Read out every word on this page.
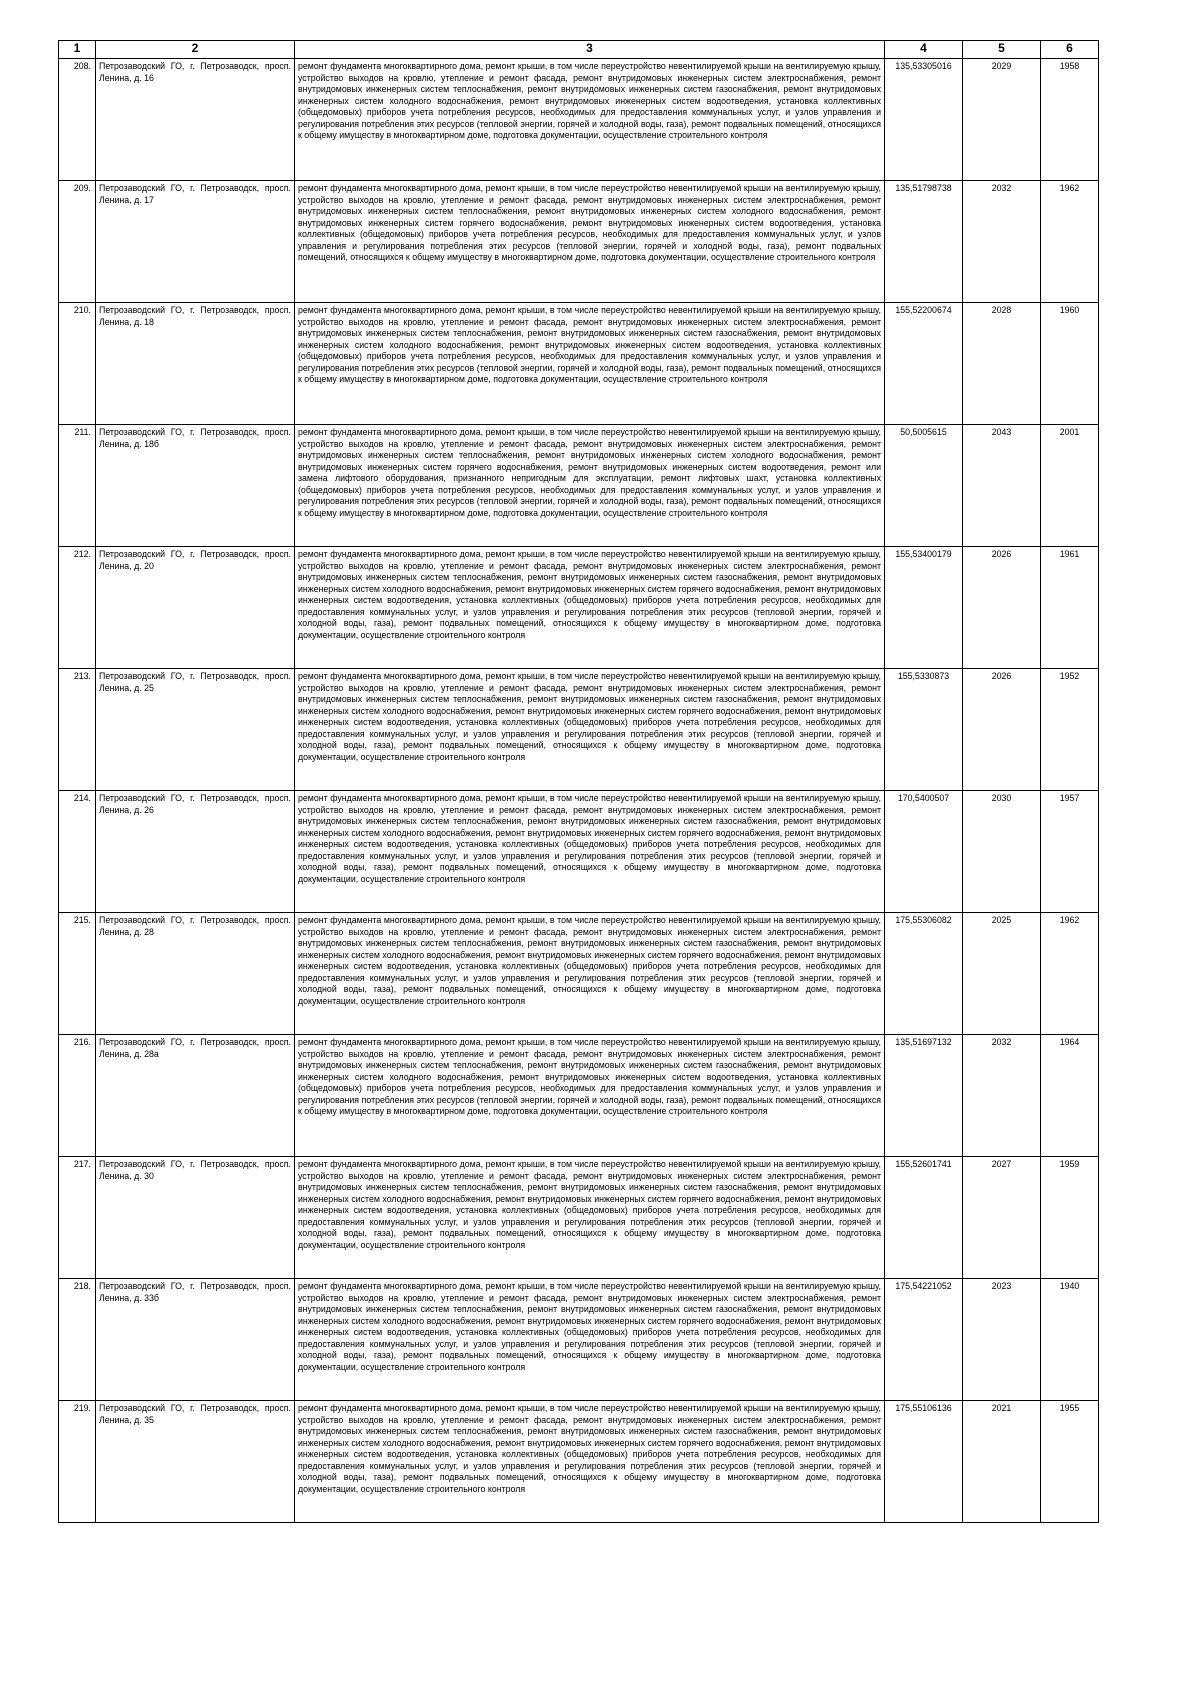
1	2	3	4	5	6
208.	Петрозаводский ГО, г. Петрозаводск, просп. Ленина, д. 16	ремонт фундамента многоквартирного дома, ремонт крыши, в том числе переустройство невентилируемой крыши на вентилируемую крышу, устройство выходов на кровлю, утепление и ремонт фасада, ремонт внутридомовых инженерных систем электроснабжения, ремонт внутридомовых инженерных систем теплоснабжения, ремонт внутридомовых инженерных систем газоснабжения, ремонт внутридомовых инженерных систем холодного водоснабжения, ремонт внутридомовых инженерных систем водоотведения, установка коллективных (общедомовых) приборов учета потребления ресурсов, необходимых для предоставления коммунальных услуг, и узлов управления и регулирования потребления этих ресурсов (тепловой энергии, горячей и холодной воды, газа), ремонт подвальных помещений, относящихся к общему имуществу в многоквартирном доме, подготовка документации, осуществление строительного контроля	135,53305016	2029	1958
209.	Петрозаводский ГО, г. Петрозаводск, просп. Ленина, д. 17	ремонт фундамента многоквартирного дома, ремонт крыши, в том числе переустройство невентилируемой крыши на вентилируемую крышу, устройство выходов на кровлю, утепление и ремонт фасада, ремонт внутридомовых инженерных систем электроснабжения, ремонт внутридомовых инженерных систем теплоснабжения, ремонт внутридомовых инженерных систем холодного водоснабжения, ремонт внутридомовых инженерных систем горячего водоснабжения, ремонт внутридомовых инженерных систем водоотведения, установка коллективных (общедомовых) приборов учета потребления ресурсов, необходимых для предоставления коммунальных услуг, и узлов управления и регулирования потребления этих ресурсов (тепловой энергии, горячей и холодной воды, газа), ремонт подвальных помещений, относящихся к общему имуществу в многоквартирном доме, подготовка документации, осуществление строительного контроля	135,51798738	2032	1962
210.	Петрозаводский ГО, г. Петрозаводск, просп. Ленина, д. 18	ремонт фундамента многоквартирного дома, ремонт крыши, в том числе переустройство невентилируемой крыши на вентилируемую крышу, устройство выходов на кровлю, утепление и ремонт фасада, ремонт внутридомовых инженерных систем электроснабжения, ремонт внутридомовых инженерных систем теплоснабжения, ремонт внутридомовых инженерных систем газоснабжения, ремонт внутридомовых инженерных систем холодного водоснабжения, ремонт внутридомовых инженерных систем водоотведения, установка коллективных (общедомовых) приборов учета потребления ресурсов, необходимых для предоставления коммунальных услуг, и узлов управления и регулирования потребления этих ресурсов (тепловой энергии, горячей и холодной воды, газа), ремонт подвальных помещений, относящихся к общему имуществу в многоквартирном доме, подготовка документации, осуществление строительного контроля	155,52200674	2028	1960
211.	Петрозаводский ГО, г. Петрозаводск, просп. Ленина, д. 18б	ремонт фундамента многоквартирного дома, ремонт крыши, в том числе переустройство невентилируемой крыши на вентилируемую крышу, устройство выходов на кровлю, утепление и ремонт фасада, ремонт внутридомовых инженерных систем электроснабжения, ремонт внутридомовых инженерных систем теплоснабжения, ремонт внутридомовых инженерных систем холодного водоснабжения, ремонт внутридомовых инженерных систем горячего водоснабжения, ремонт внутридомовых инженерных систем водоотведения, ремонт или замена лифтового оборудования, признанного непригодным для эксплуатации, ремонт лифтовых шахт, установка коллективных (общедомовых) приборов учета потребления ресурсов, необходимых для предоставления коммунальных услуг, и узлов управления и регулирования потребления этих ресурсов (тепловой энергии, горячей и холодной воды, газа), ремонт подвальных помещений, относящихся к общему имуществу в многоквартирном доме, подготовка документации, осуществление строительного контроля	50,5005615	2043	2001
212.	Петрозаводский ГО, г. Петрозаводск, просп. Ленина, д. 20	ремонт фундамента многоквартирного дома, ремонт крыши, в том числе переустройство невентилируемой крыши на вентилируемую крышу, устройство выходов на кровлю, утепление и ремонт фасада, ремонт внутридомовых инженерных систем электроснабжения, ремонт внутридомовых инженерных систем теплоснабжения, ремонт внутридомовых инженерных систем газоснабжения, ремонт внутридомовых инженерных систем холодного водоснабжения, ремонт внутридомовых инженерных систем горячего водоснабжения, ремонт внутридомовых инженерных систем водоотведения, установка коллективных (общедомовых) приборов учета потребления ресурсов, необходимых для предоставления коммунальных услуг, и узлов управления и регулирования потребления этих ресурсов (тепловой энергии, горячей и холодной воды, газа), ремонт подвальных помещений, относящихся к общему имуществу в многоквартирном доме, подготовка документации, осуществление строительного контроля	155,53400179	2026	1961
213.	Петрозаводский ГО, г. Петрозаводск, просп. Ленина, д. 25	ремонт фундамента многоквартирного дома, ремонт крыши, в том числе переустройство невентилируемой крыши на вентилируемую крышу, устройство выходов на кровлю, утепление и ремонт фасада, ремонт внутридомовых инженерных систем электроснабжения, ремонт внутридомовых инженерных систем теплоснабжения, ремонт внутридомовых инженерных систем газоснабжения, ремонт внутридомовых инженерных систем холодного водоснабжения, ремонт внутридомовых инженерных систем горячего водоснабжения, ремонт внутридомовых инженерных систем водоотведения, установка коллективных (общедомовых) приборов учета потребления ресурсов, необходимых для предоставления коммунальных услуг, и узлов управления и регулирования потребления этих ресурсов (тепловой энергии, горячей и холодной воды, газа), ремонт подвальных помещений, относящихся к общему имуществу в многоквартирном доме, подготовка документации, осуществление строительного контроля	155,5330873	2026	1952
214.	Петрозаводский ГО, г. Петрозаводск, просп. Ленина, д. 26	ремонт фундамента многоквартирного дома, ремонт крыши, в том числе переустройство невентилируемой крыши на вентилируемую крышу, устройство выходов на кровлю, утепление и ремонт фасада, ремонт внутридомовых инженерных систем электроснабжения, ремонт внутридомовых инженерных систем теплоснабжения, ремонт внутридомовых инженерных систем газоснабжения, ремонт внутридомовых инженерных систем холодного водоснабжения, ремонт внутридомовых инженерных систем горячего водоснабжения, ремонт внутридомовых инженерных систем водоотведения, установка коллективных (общедомовых) приборов учета потребления ресурсов, необходимых для предоставления коммунальных услуг, и узлов управления и регулирования потребления этих ресурсов (тепловой энергии, горячей и холодной воды, газа), ремонт подвальных помещений, относящихся к общему имуществу в многоквартирном доме, подготовка документации, осуществление строительного контроля	170,5400507	2030	1957
215.	Петрозаводский ГО, г. Петрозаводск, просп. Ленина, д. 28	ремонт фундамента многоквартирного дома, ремонт крыши, в том числе переустройство невентилируемой крыши на вентилируемую крышу, устройство выходов на кровлю, утепление и ремонт фасада, ремонт внутридомовых инженерных систем электроснабжения, ремонт внутридомовых инженерных систем теплоснабжения, ремонт внутридомовых инженерных систем газоснабжения, ремонт внутридомовых инженерных систем холодного водоснабжения, ремонт внутридомовых инженерных систем горячего водоснабжения, ремонт внутридомовых инженерных систем водоотведения, установка коллективных (общедомовых) приборов учета потребления ресурсов, необходимых для предоставления коммунальных услуг, и узлов управления и регулирования потребления этих ресурсов (тепловой энергии, горячей и холодной воды, газа), ремонт подвальных помещений, относящихся к общему имуществу в многоквартирном доме, подготовка документации, осуществление строительного контроля	175,55306082	2025	1962
216.	Петрозаводский ГО, г. Петрозаводск, просп. Ленина, д. 28а	ремонт фундамента многоквартирного дома, ремонт крыши, в том числе переустройство невентилируемой крыши на вентилируемую крышу, устройство выходов на кровлю, утепление и ремонт фасада, ремонт внутридомовых инженерных систем электроснабжения, ремонт внутридомовых инженерных систем теплоснабжения, ремонт внутридомовых инженерных систем газоснабжения, ремонт внутридомовых инженерных систем холодного водоснабжения, ремонт внутридомовых инженерных систем водоотведения, установка коллективных (общедомовых) приборов учета потребления ресурсов, необходимых для предоставления коммунальных услуг, и узлов управления и регулирования потребления этих ресурсов (тепловой энергии, горячей и холодной воды, газа), ремонт подвальных помещений, относящихся к общему имуществу в многоквартирном доме, подготовка документации, осуществление строительного контроля	135,51697132	2032	1964
217.	Петрозаводский ГО, г. Петрозаводск, просп. Ленина, д. 30	ремонт фундамента многоквартирного дома, ремонт крыши, в том числе переустройство невентилируемой крыши на вентилируемую крышу, устройство выходов на кровлю, утепление и ремонт фасада, ремонт внутридомовых инженерных систем электроснабжения, ремонт внутридомовых инженерных систем теплоснабжения, ремонт внутридомовых инженерных систем газоснабжения, ремонт внутридомовых инженерных систем холодного водоснабжения, ремонт внутридомовых инженерных систем горячего водоснабжения, ремонт внутридомовых инженерных систем водоотведения, установка коллективных (общедомовых) приборов учета потребления ресурсов, необходимых для предоставления коммунальных услуг, и узлов управления и регулирования потребления этих ресурсов (тепловой энергии, горячей и холодной воды, газа), ремонт подвальных помещений, относящихся к общему имуществу в многоквартирном доме, подготовка документации, осуществление строительного контроля	155,52601741	2027	1959
218.	Петрозаводский ГО, г. Петрозаводск, просп. Ленина, д. 33б	ремонт фундамента многоквартирного дома, ремонт крыши, в том числе переустройство невентилируемой крыши на вентилируемую крышу, устройство выходов на кровлю, утепление и ремонт фасада, ремонт внутридомовых инженерных систем электроснабжения, ремонт внутридомовых инженерных систем теплоснабжения, ремонт внутридомовых инженерных систем газоснабжения, ремонт внутридомовых инженерных систем холодного водоснабжения, ремонт внутридомовых инженерных систем горячего водоснабжения, ремонт внутридомовых инженерных систем водоотведения, установка коллективных (общедомовых) приборов учета потребления ресурсов, необходимых для предоставления коммунальных услуг, и узлов управления и регулирования потребления этих ресурсов (тепловой энергии, горячей и холодной воды, газа), ремонт подвальных помещений, относящихся к общему имуществу в многоквартирном доме, подготовка документации, осуществление строительного контроля	175,54221052	2023	1940
219.	Петрозаводский ГО, г. Петрозаводск, просп. Ленина, д. 35	ремонт фундамента многоквартирного дома, ремонт крыши, в том числе переустройство невентилируемой крыши на вентилируемую крышу, устройство выходов на кровлю, утепление и ремонт фасада, ремонт внутридомовых инженерных систем электроснабжения, ремонт внутридомовых инженерных систем теплоснабжения, ремонт внутридомовых инженерных систем газоснабжения, ремонт внутридомовых инженерных систем холодного водоснабжения, ремонт внутридомовых инженерных систем горячего водоснабжения, ремонт внутридомовых инженерных систем водоотведения, установка коллективных (общедомовых) приборов учета потребления ресурсов, необходимых для предоставления коммунальных услуг, и узлов управления и регулирования потребления этих ресурсов (тепловой энергии, горячей и холодной воды, газа), ремонт подвальных помещений, относящихся к общему имуществу в многоквартирном доме, подготовка документации, осуществление строительного контроля	175,55106136	2021	1955
